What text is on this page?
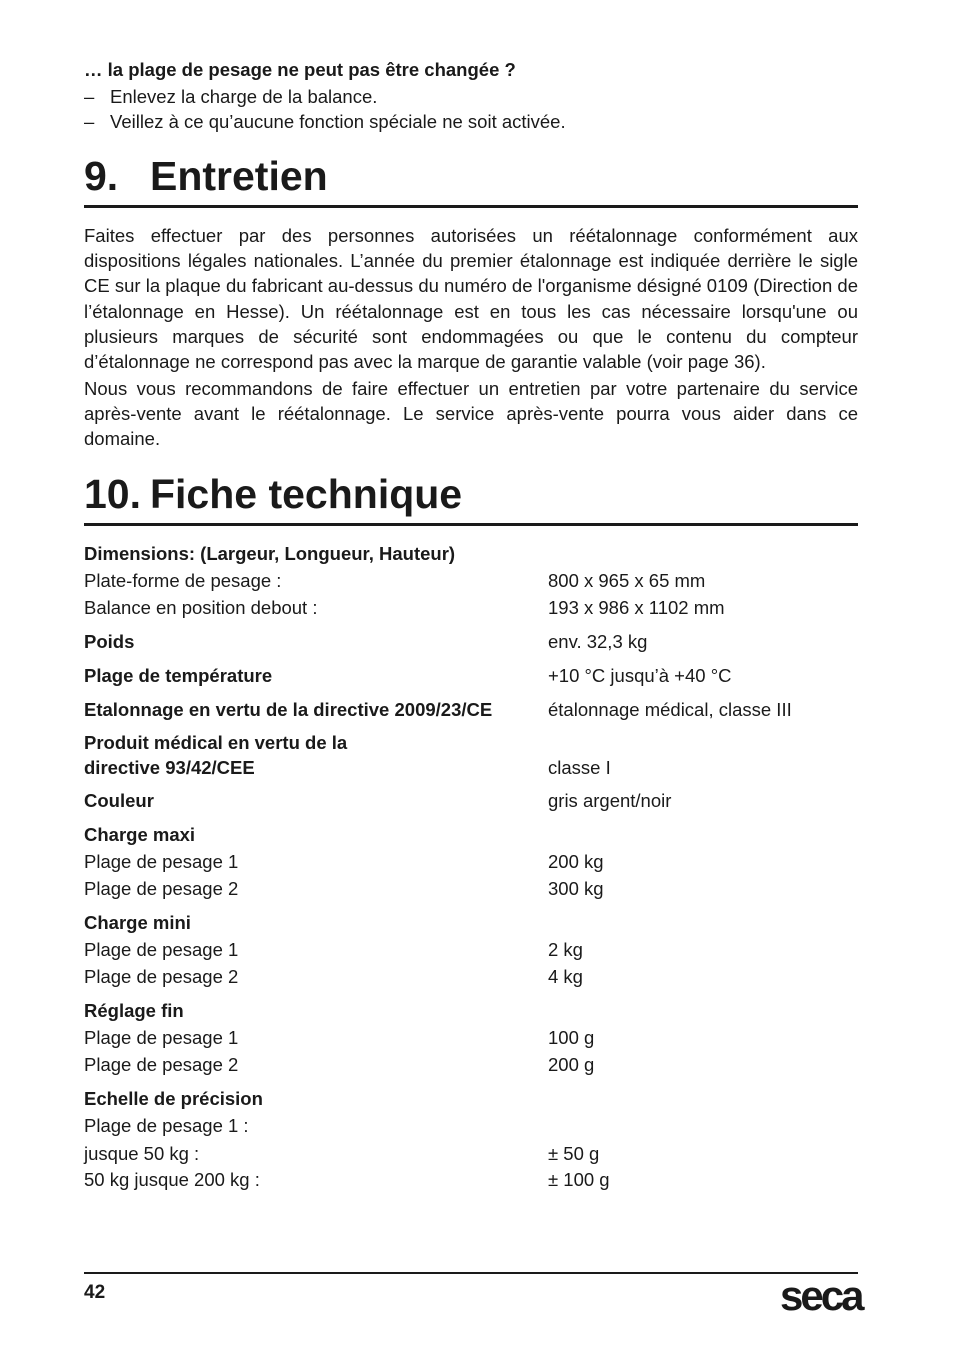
… la plage de pesage ne peut pas être changée ?
– Enlevez la charge de la balance.
– Veillez à ce qu’aucune fonction spéciale ne soit activée.
9. Entretien

Faites effectuer par des personnes autorisées un réétalonnage conformément aux dispositions légales nationales. L’année du premier étalonnage est indiquée derrière le sigle CE sur la plaque du fabricant au-dessus du numéro de l'organisme désigné 0109 (Direction de l’étalonnage en Hesse). Un réétalonnage est en tous les cas nécessaire lorsqu'une ou plusieurs marques de sécurité sont endommagées ou que le contenu du compteur d’étalonnage ne correspond pas avec la marque de garantie valable (voir page 36).

Nous vous recommandons de faire effectuer un entretien par votre partenaire du service après-vente avant le réétalonnage. Le service après-vente pourra vous aider dans ce domaine.

10. Fiche technique
Dimensions: (Largeur, Longueur, Hauteur)
Plate-forme de pesage :	800 x 965 x 65 mm
Balance en position debout :	193 x 986 x 1102 mm
Poids	env. 32,3 kg
Plage de température	+10 °C jusqu’à +40 °C
Etalonnage en vertu de la directive 2009/23/CE	étalonnage médical, classe III
Produit médical en vertu de la
directive 93/42/CEE	classe I
Couleur	gris argent/noir
Charge maxi
Plage de pesage 1	200 kg
Plage de pesage 2	300 kg
Charge mini
Plage de pesage 1	2 kg
Plage de pesage 2	4 kg
Réglage fin
Plage de pesage 1	100 g
Plage de pesage 2	200 g
Echelle de précision
Plage de pesage 1 :
jusque 50 kg :	± 50 g
50 kg jusque 200 kg :	± 100 g
42	seca
